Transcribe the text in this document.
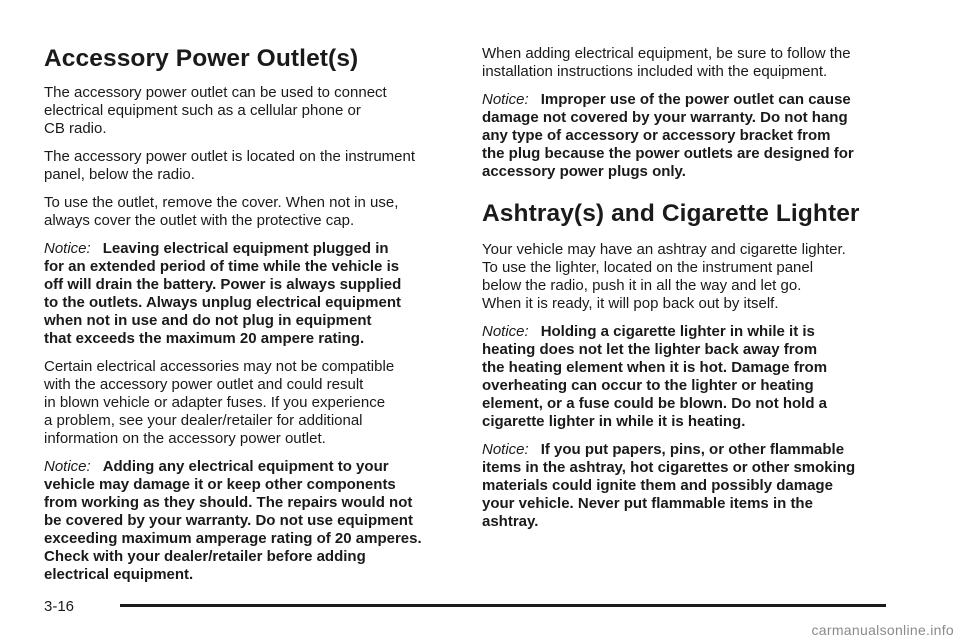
Accessory Power Outlet(s)

The accessory power outlet can be used to connect
electrical equipment such as a cellular phone or
CB radio.

The accessory power outlet is located on the instrument
panel, below the radio.

To use the outlet, remove the cover. When not in use,
always cover the outlet with the protective cap.

Notice: Leaving electrical equipment plugged in
for an extended period of time while the vehicle is
off will drain the battery. Power is always supplied
to the outlets. Always unplug electrical equipment
when not in use and do not plug in equipment
that exceeds the maximum 20 ampere rating.

Certain electrical accessories may not be compatible
with the accessory power outlet and could result
in blown vehicle or adapter fuses. If you experience
a problem, see your dealer/retailer for additional
information on the accessory power outlet.

Notice: Adding any electrical equipment to your
vehicle may damage it or keep other components
from working as they should. The repairs would not
be covered by your warranty. Do not use equipment
exceeding maximum amperage rating of 20 amperes.
Check with your dealer/retailer before adding
electrical equipment.

When adding electrical equipment, be sure to follow the
installation instructions included with the equipment.

Notice: Improper use of the power outlet can cause
damage not covered by your warranty. Do not hang
any type of accessory or accessory bracket from
the plug because the power outlets are designed for
accessory power plugs only.

Ashtray(s) and Cigarette Lighter

Your vehicle may have an ashtray and cigarette lighter.
To use the lighter, located on the instrument panel
below the radio, push it in all the way and let go.
When it is ready, it will pop back out by itself.

Notice: Holding a cigarette lighter in while it is
heating does not let the lighter back away from
the heating element when it is hot. Damage from
overheating can occur to the lighter or heating
element, or a fuse could be blown. Do not hold a
cigarette lighter in while it is heating.

Notice: If you put papers, pins, or other flammable
items in the ashtray, hot cigarettes or other smoking
materials could ignite them and possibly damage
your vehicle. Never put flammable items in the
ashtray.

3-16
carmanualsonline.info
